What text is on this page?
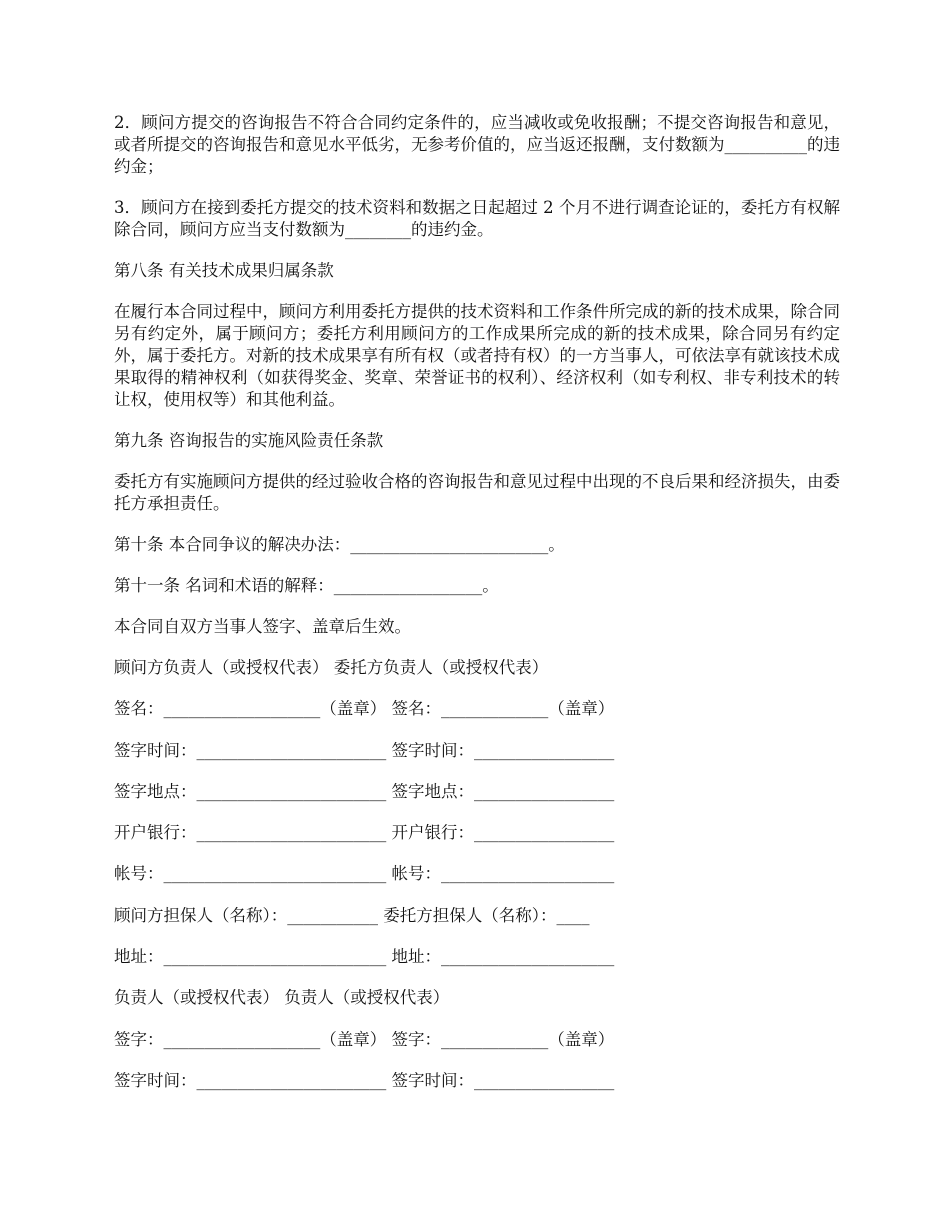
2．顾问方提交的咨询报告不符合合同约定条件的，应当减收或免收报酬；不提交咨询报告和意见，或者所提交的咨询报告和意见水平低劣，无参考价值的，应当返还报酬，支付数额为__________的违约金；

3．顾问方在接到委托方提交的技术资料和数据之日起超过 2 个月不进行调查论证的，委托方有权解除合同，顾问方应当支付数额为________的违约金。

第八条 有关技术成果归属条款

在履行本合同过程中，顾问方利用委托方提供的技术资料和工作条件所完成的新的技术成果，除合同另有约定外，属于顾问方；委托方利用顾问方的工作成果所完成的新的技术成果，除合同另有约定外，属于委托方。对新的技术成果享有所有权（或者持有权）的一方当事人，可依法享有就该技术成果取得的精神权利（如获得奖金、奖章、荣誉证书的权利）、经济权利（如专利权、非专利技术的转让权，使用权等）和其他利益。

第九条 咨询报告的实施风险责任条款

委托方有实施顾问方提供的经过验收合格的咨询报告和意见过程中出现的不良后果和经济损失，由委托方承担责任。

第十条 本合同争议的解决办法：________________________。

第十一条 名词和术语的解释：__________________。

本合同自双方当事人签字、盖章后生效。

顾问方负责人（或授权代表） 委托方负责人（或授权代表）
签名：___________________（盖章） 签名：_____________（盖章）
签字时间：_______________________ 签字时间：_________________
签字地点：_______________________ 签字地点：_________________
开户银行：_______________________ 开户银行：_________________
帐号：___________________________ 帐号：_____________________
顾问方担保人（名称）：___________ 委托方担保人（名称）：____
地址：___________________________ 地址：_____________________
负责人（或授权代表） 负责人（或授权代表）
签字：___________________（盖章） 签字：_____________（盖章）
签字时间：_______________________ 签字时间：_________________
